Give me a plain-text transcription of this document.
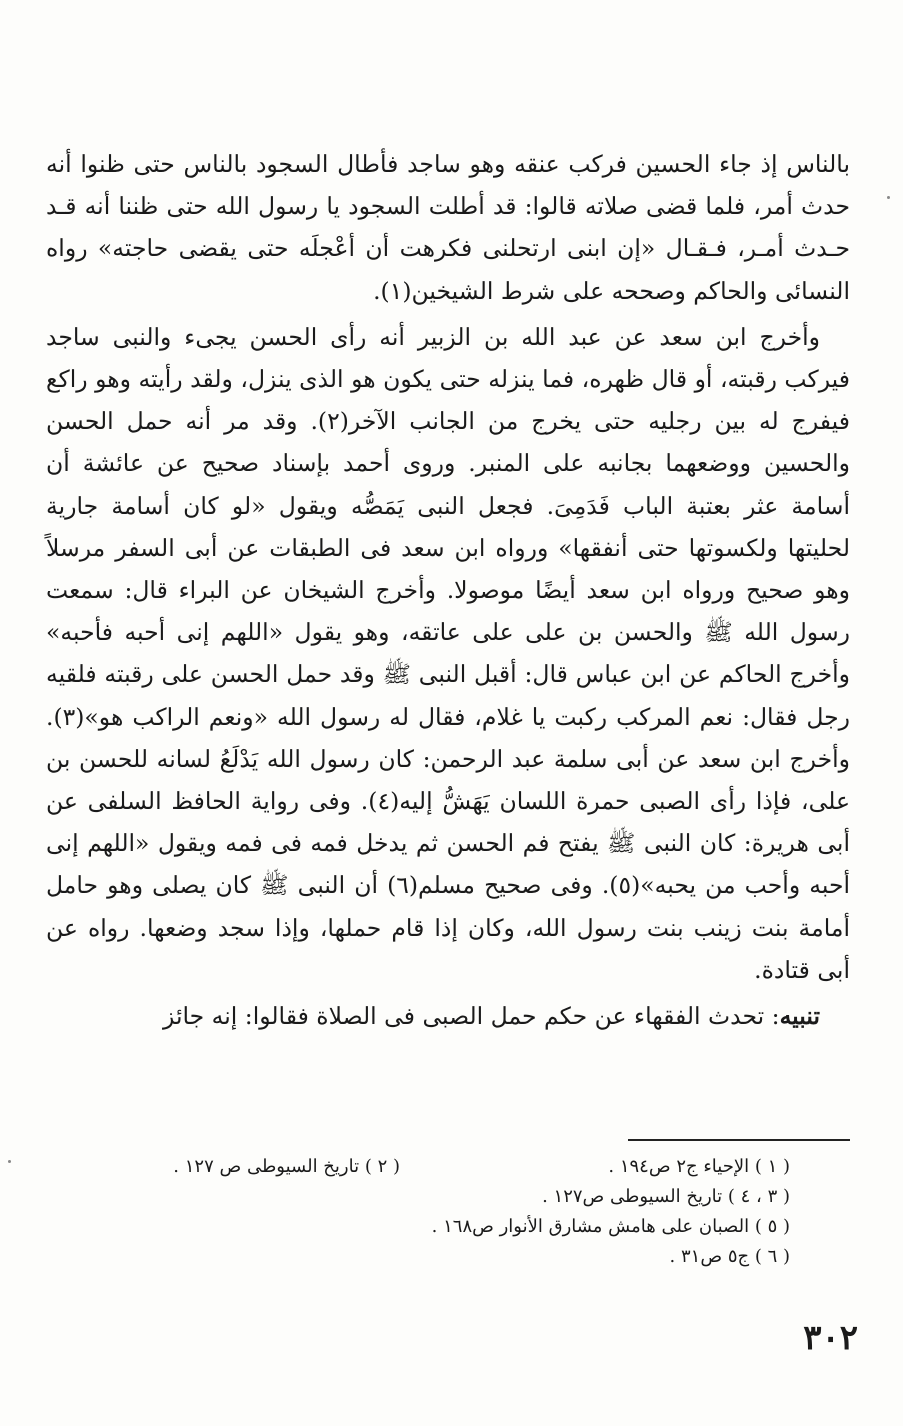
بالناس إذ جاء الحسين فركب عنقه وهو ساجد فأطال السجود بالناس حتى ظنوا أنه حدث أمر، فلما قضى صلاته قالوا: قد أطلت السجود يا رسول الله حتى ظننا أنه قـد حـدث أمـر، فـقـال «إن ابنى ارتحلنى فكرهت أن أعْجلَه حتى يقضى حاجته» رواه النسائى والحاكم وصححه على شرط الشيخين(١).

وأخرج ابن سعد عن عبد الله بن الزبير أنه رأى الحسن يجىء والنبى ساجد فيركب رقبته، أو قال ظهره، فما ينزله حتى يكون هو الذى ينزل، ولقد رأيته وهو راكع فيفرج له بين رجليه حتى يخرج من الجانب الآخر(٢). وقد مر أنه حمل الحسن والحسين ووضعهما بجانبه على المنبر. وروى أحمد بإسناد صحيح عن عائشة أن أسامة عثر بعتبة الباب فَدَمِىَ. فجعل النبى يَمَصُّه ويقول «لو كان أسامة جارية لحليتها ولكسوتها حتى أنفقها» ورواه ابن سعد فى الطبقات عن أبى السفر مرسلاً وهو صحيح ورواه ابن سعد أيضًا موصولا. وأخرج الشيخان عن البراء قال: سمعت رسول الله ﷺ والحسن بن على على عاتقه، وهو يقول «اللهم إنى أحبه فأحبه» وأخرج الحاكم عن ابن عباس قال: أقبل النبى ﷺ وقد حمل الحسن على رقبته فلقيه رجل فقال: نعم المركب ركبت يا غلام، فقال له رسول الله «ونعم الراكب هو»(٣). وأخرج ابن سعد عن أبى سلمة عبد الرحمن: كان رسول الله يَدْلَعُ لسانه للحسن بن على، فإذا رأى الصبى حمرة اللسان يَهَشُّ إليه(٤). وفى رواية الحافظ السلفى عن أبى هريرة: كان النبى ﷺ يفتح فم الحسن ثم يدخل فمه فى فمه ويقول «اللهم إنى أحبه وأحب من يحبه»(٥). وفى صحيح مسلم(٦) أن النبى ﷺ كان يصلى وهو حامل أمامة بنت زينب بنت رسول الله، وكان إذا قام حملها، وإذا سجد وضعها. رواه عن أبى قتادة.

تنبيه: تحدث الفقهاء عن حكم حمل الصبى فى الصلاة فقالوا: إنه جائز

( ١ ) الإحياء ج٢ ص١٩٤ .
( ٢ ) تاريخ السيوطى ص ١٢٧ .
( ٣ ، ٤ ) تاريخ السيوطى ص١٢٧ .
( ٥ ) الصبان على هامش مشارق الأنوار ص١٦٨ .
( ٦ ) ج٥ ص٣١ .
٣٠٢
